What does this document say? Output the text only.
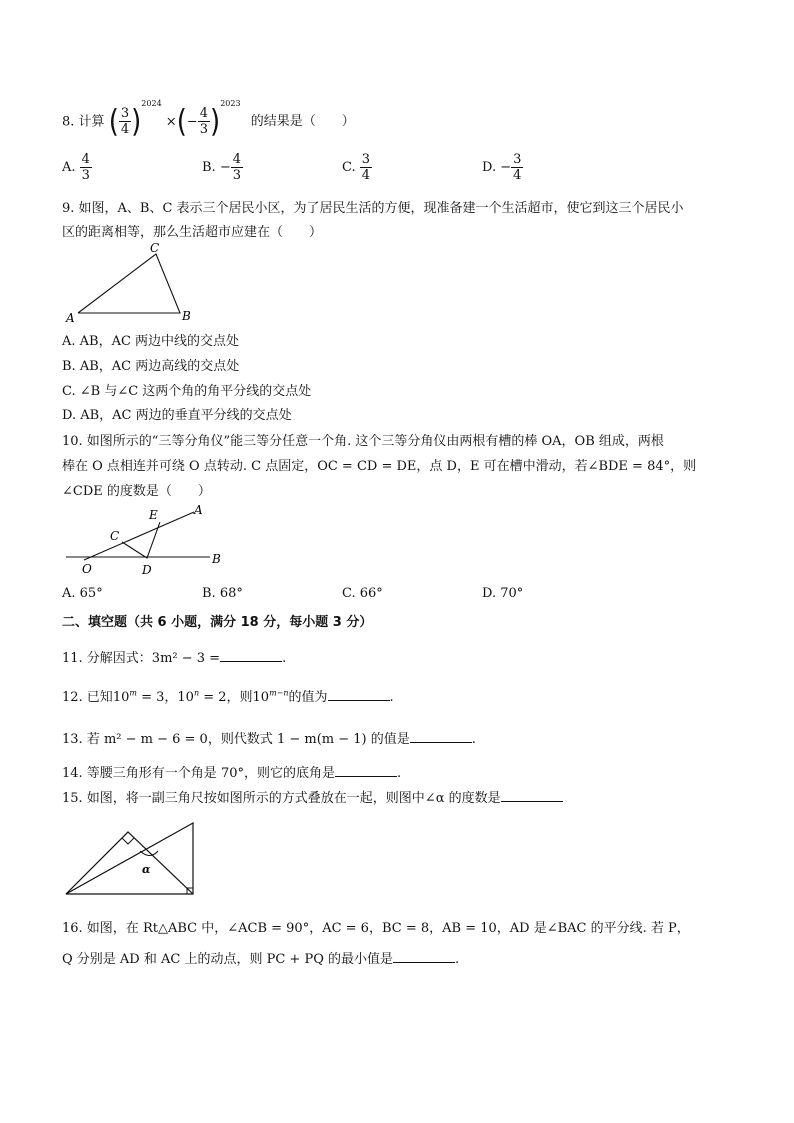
8. 计算 ( $\frac{3}{4} )^{2024}$ ×(− $\frac{4}{3} )^{2023}$ 的结果是（　　）
A. $\frac{4}{3}$	B. − $\frac{4}{3}$	C. $\frac{3}{4}$	D. − $\frac{3}{4}$
9. 如图，A、B、C 表示三个居民小区，为了居民生活的方便，现准备建一个生活超市，使它到这三个居民小
区的距离相等，那么生活超市应建在（　　）
A	B
C
A. AB，AC 两边中线的交点处
B. AB，AC 两边高线的交点处
C. ∠B 与∠C 这两个角的角平分线的交点处
D. AB，AC 两边的垂直平分线的交点处
10. 如图所示的“三等分角仪”能三等分任意一个角. 这个三等分角仪由两根有槽的棒 OA，OB 组成，两根
棒在 O 点相连并可绕 O 点转动. C 点固定，OC = CD = DE，点 D，E 可在槽中滑动，若∠BDE = 84°，则
∠CDE 的度数是（　　）
O
A
B
C
D
E
A. 65°	B. 68°	C. 66°	D. 70°
二、填空题（共 6 小题，满分 18 分，每小题 3 分）
11. 分解因式：3m² − 3 =	.
12. 已知$10^m = 3$，$10^n = 2$，则$10^{m-n}$的值为	.
13. 若 m² − m − 6 = 0，则代数式 1 − m(m − 1) 的值是	.
14. 等腰三角形有一个角是 70°，则它的底角是	.
15. 如图，将一副三角尺按如图所示的方式叠放在一起，则图中∠α 的度数是
α
16. 如图，在 Rt△ABC 中，∠ACB = 90°，AC = 6，BC = 8，AB = 10，AD 是∠BAC 的平分线. 若 P，
Q 分别是 AD 和 AC 上的动点，则 PC + PQ 的最小值是	.
